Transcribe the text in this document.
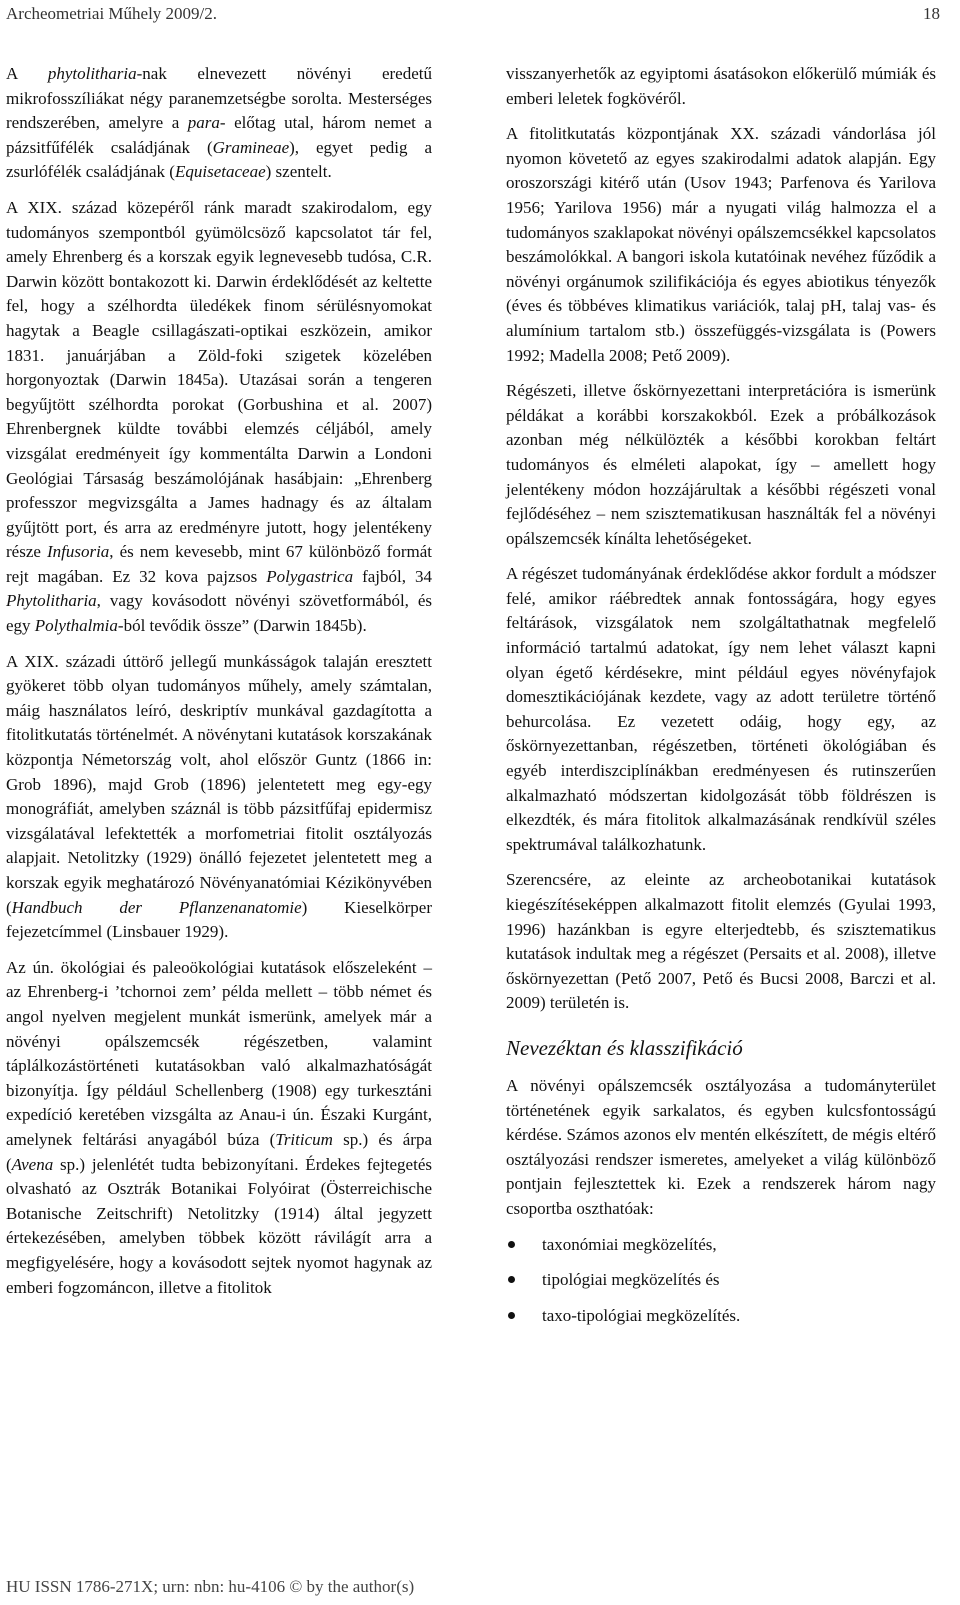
Archeometriai Műhely 2009/2.	18

A phytolitharia-nak elnevezett növényi eredetű mikrofosszíliákat négy paranemzetségbe sorolta. Mesterséges rendszerében, amelyre a para- előtag utal, három nemet a pázsitfűfélék családjának (Gramineae), egyet pedig a zsurlófélék családjának (Equisetaceae) szentelt.

A XIX. század közepéről ránk maradt szakirodalom, egy tudományos szempontból gyümölcsöző kapcsolatot tár fel, amely Ehrenberg és a korszak egyik legnevesebb tudósa, C.R. Darwin között bontakozott ki. Darwin érdeklődését az keltette fel, hogy a szélhordta üledékek finom sérülésnyomokat hagytak a Beagle csillagászati-optikai eszközein, amikor 1831. januárjában a Zöld-foki szigetek közelében horgonyoztak (Darwin 1845a). Utazásai során a tengeren begyűjtött szélhordta porokat (Gorbushina et al. 2007) Ehrenbergnek küldte további elemzés céljából, amely vizsgálat eredményeit így kommentálta Darwin a Londoni Geológiai Társaság beszámolójának hasábjain: „Ehrenberg professzor megvizsgálta a James hadnagy és az általam gyűjtött port, és arra az eredményre jutott, hogy jelentékeny része Infusoria, és nem kevesebb, mint 67 különböző formát rejt magában. Ez 32 kova pajzsos Polygastrica fajból, 34 Phytolitharia, vagy kovásodott növényi szövetformából, és egy Polythalmia-ból tevődik össze” (Darwin 1845b).

A XIX. századi úttörő jellegű munkásságok talaján eresztett gyökeret több olyan tudományos műhely, amely számtalan, máig használatos leíró, deskriptív munkával gazdagította a fitolitkutatás történelmét. A növénytani kutatások korszakának központja Németország volt, ahol először Guntz (1866 in: Grob 1896), majd Grob (1896) jelentetett meg egy-egy monográfiát, amelyben száznál is több pázsitfűfaj epidermisz vizsgálatával lefektették a morfometriai fitolit osztályozás alapjait. Netolitzky (1929) önálló fejezetet jelentetett meg a korszak egyik meghatározó Növényanatómiai Kézikönyvében (Handbuch der Pflanzenanatomie) Kieselkörper fejezetcímmel (Linsbauer 1929).

Az ún. ökológiai és paleoökológiai kutatások előszeleként – az Ehrenberg-i ’tchornoi zem’ példa mellett – több német és angol nyelven megjelent munkát ismerünk, amelyek már a növényi opálszemcsék régészetben, valamint táplálkozástörténeti kutatásokban való alkalmazhatóságát bizonyítja. Így például Schellenberg (1908) egy turkesztáni expedíció keretében vizsgálta az Anau-i ún. Északi Kurgánt, amelynek feltárási anyagából búza (Triticum sp.) és árpa (Avena sp.) jelenlétét tudta bebizonyítani. Érdekes fejtegetés olvasható az Osztrák Botanikai Folyóirat (Österreichische Botanische Zeitschrift) Netolitzky (1914) által jegyzett értekezésében, amelyben többek között rávilágít arra a megfigyelésére, hogy a kovásodott sejtek nyomot hagynak az emberi fogzománcon, illetve a fitolitok

visszanyerhetők az egyiptomi ásatásokon előkerülő múmiák és emberi leletek fogkövéről.

A fitolitkutatás központjának XX. századi vándorlása jól nyomon követető az egyes szakirodalmi adatok alapján. Egy oroszországi kitérő után (Usov 1943; Parfenova és Yarilova 1956; Yarilova 1956) már a nyugati világ halmozza el a tudományos szaklapokat növényi opálszemcsékkel kapcsolatos beszámolókkal. A bangori iskola kutatóinak nevéhez fűződik a növényi orgánumok szilifikációja és egyes abiotikus tényezők (éves és többéves klimatikus variációk, talaj pH, talaj vas- és alumínium tartalom stb.) összefüggés-vizsgálata is (Powers 1992; Madella 2008; Pető 2009).

Régészeti, illetve őskörnyezettani interpretációra is ismerünk példákat a korábbi korszakokból. Ezek a próbálkozások azonban még nélkülözték a későbbi korokban feltárt tudományos és elméleti alapokat, így – amellett hogy jelentékeny módon hozzájárultak a későbbi régészeti vonal fejlődéséhez – nem szisztematikusan használták fel a növényi opálszemcsék kínálta lehetőségeket.

A régészet tudományának érdeklődése akkor fordult a módszer felé, amikor ráébredtek annak fontosságára, hogy egyes feltárások, vizsgálatok nem szolgáltathatnak megfelelő információ tartalmú adatokat, így nem lehet választ kapni olyan égető kérdésekre, mint például egyes növényfajok domesztikációjának kezdete, vagy az adott területre történő behurcolása. Ez vezetett odáig, hogy egy, az őskörnyezettanban, régészetben, történeti ökológiában és egyéb interdiszciplínákban eredményesen és rutinszerűen alkalmazható módszertan kidolgozását több földrészen is elkezdték, és mára fitolitok alkalmazásának rendkívül széles spektrumával találkozhatunk.

Szerencsére, az eleinte az archeobotanikai kutatások kiegészítéseképpen alkalmazott fitolit elemzés (Gyulai 1993, 1996) hazánkban is egyre elterjedtebb, és szisztematikus kutatások indultak meg a régészet (Persaits et al. 2008), illetve őskörnyezettan (Pető 2007, Pető és Bucsi 2008, Barczi et al. 2009) területén is.

Nevezéktan és klasszifikáció

A növényi opálszemcsék osztályozása a tudományterület történetének egyik sarkalatos, és egyben kulcsfontosságú kérdése. Számos azonos elv mentén elkészített, de mégis eltérő osztályozási rendszer ismeretes, amelyeket a világ különböző pontjain fejlesztettek ki. Ezek a rendszerek három nagy csoportba oszthatóak:

taxonómiai megközelítés,
tipológiai megközelítés és
taxo-tipológiai megközelítés.
HU ISSN 1786-271X; urn: nbn: hu-4106 © by the author(s)
